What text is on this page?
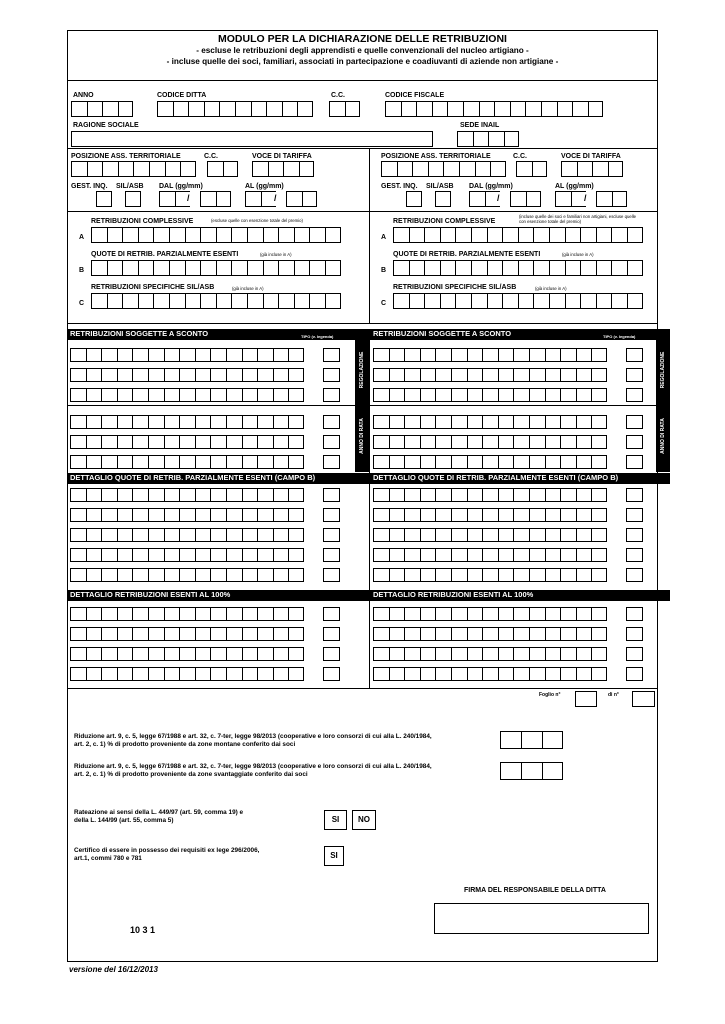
MODULO PER LA DICHIARAZIONE DELLE RETRIBUZIONI
- escluse le retribuzioni degli apprendisti e quelle convenzionali del nucleo artigiano -
- incluse quelle dei soci, familiari, associati in partecipazione e coadiuvanti di aziende non artigiane -
ANNO	CODICE DITTA	C.C.	CODICE FISCALE
RAGIONE SOCIALE	SEDE INAIL
POSIZIONE ASS. TERRITORIALE	C.C.	VOCE DI TARIFFA
GEST. INQ. SIL/ASB DAL (gg/mm)	AL (gg/mm)
/	/
POSIZIONE ASS. TERRITORIALE	C.C.	VOCE DI TARIFFA
GEST. INQ. SIL/ASB DAL (gg/mm)	AL (gg/mm)
/	/
RETRIBUZIONI COMPLESSIVE	(escluse quelle con esenzione totale del premio)
A
QUOTE DI RETRIB. PARZIALMENTE ESENTI	(già incluse in A)
B
RETRIBUZIONI SPECIFICHE SIL/ASB	(già incluse in A)
C
RETRIBUZIONI COMPLESSIVE
(incluse quelle dei soci e familiari non artigiani, escluse quelle con esenzione totale del premio)
A
QUOTE DI RETRIB. PARZIALMENTE ESENTI	(già incluse in A)
B
RETRIBUZIONI SPECIFICHE SIL/ASB	(già incluse in A)
C
RETRIBUZIONI SOGGETTE A SCONTO	TIPO (v. legenda)	RETRIBUZIONI SOGGETTE A SCONTO	TIPO (v. legenda)
REGOLAZIONE	REGOLAZIONE
ANNO DI RATA	ANNO DI RATA
DETTAGLIO QUOTE DI RETRIB. PARZIALMENTE ESENTI (CAMPO B)	DETTAGLIO QUOTE DI RETRIB. PARZIALMENTE ESENTI (CAMPO B)
DETTAGLIO RETRIBUZIONI ESENTI AL 100%	DETTAGLIO RETRIBUZIONI ESENTI AL 100%
Foglio n°	di n°
Riduzione art. 9, c. 5, legge 67/1988 e art. 32, c. 7-ter, legge 98/2013 (cooperative e loro consorzi di cui alla L. 240/1984,
art. 2, c. 1) % di prodotto proveniente da zone montane conferito dai soci
Riduzione art. 9, c. 5, legge 67/1988 e art. 32, c. 7-ter, legge 98/2013 (cooperative e loro consorzi di cui alla L. 240/1984,
art. 2, c. 1) % di prodotto proveniente da zone svantaggiate conferito dai soci
Rateazione ai sensi della L. 449/97 (art. 59, comma 19) e
della L. 144/99 (art. 55, comma 5)	SI	NO
Certifico di essere in possesso dei requisiti ex lege 296/2006,
art.1, commi 780 e 781	SI
FIRMA DEL RESPONSABILE DELLA DITTA
10 3 1
versione del 16/12/2013
